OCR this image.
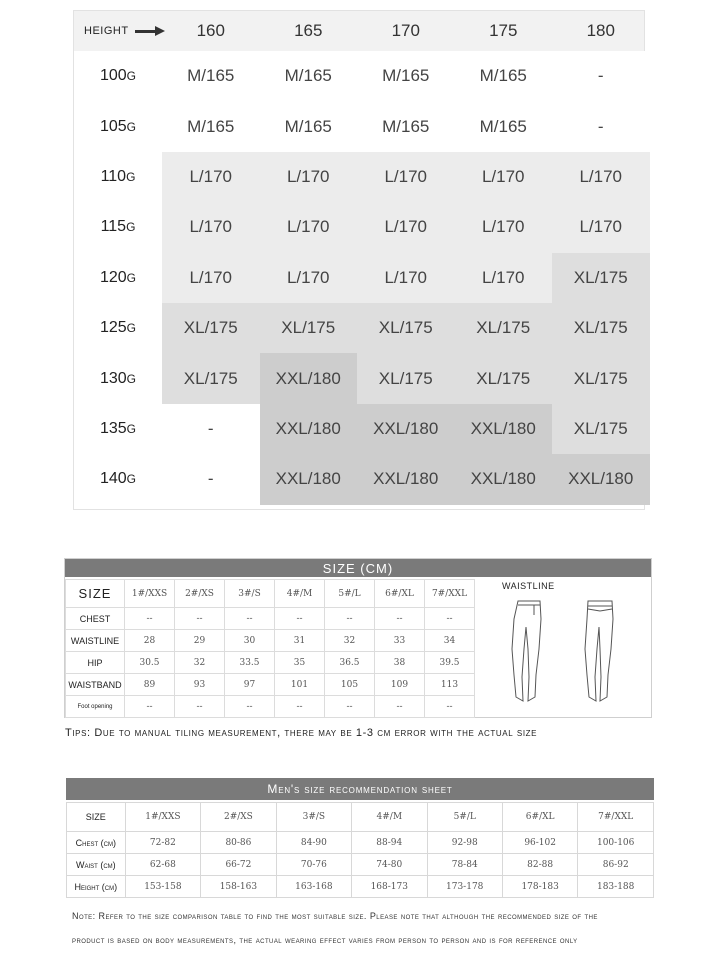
HEIGHT	160	165	170	175	180
100 G	M/165	M/165	M/165	M/165	-
105 G	M/165	M/165	M/165	M/165	-
110 G	L/170	L/170	L/170	L/170	L/170
115 G	L/170	L/170	L/170	L/170	L/170
120 G	L/170	L/170	L/170	L/170	XL/175
125 G	XL/175	XL/175	XL/175	XL/175	XL/175
130 G	XL/175	XXL/180	XL/175	XL/175	XL/175
135 G	-	XXL/180	XXL/180	XXL/180	XL/175
140 G	-	XXL/180	XXL/180	XXL/180	XXL/180
SIZE (CM)
SIZE	1#/XXS	2#/XS	3#/S	4#/M	5#/L	6#/XL	7#/XXL
CHEST	--	--	--	--	--	--	--
WAISTLINE	28	29	30	31	32	33	34
HIP	30.5	32	33.5	35	36.5	38	39.5
WAISTBAND	89	93	97	101	105	109	113
Foot opening	--	--	--	--	--	--	--
WAISTLINE
Tips: Due to manual tiling measurement, there may be 1-3 cm error with the actual size
Men's size recommendation sheet
SIZE	1#/XXS	2#/XS	3#/S	4#/M	5#/L	6#/XL	7#/XXL
Chest (cm)	72-82	80-86	84-90	88-94	92-98	96-102	100-106
Waist (cm)	62-68	66-72	70-76	74-80	78-84	82-88	86-92
Height (cm)	153-158	158-163	163-168	168-173	173-178	178-183	183-188
Note: Refer to the size comparison table to find the most suitable size. Please note that although the recommended size of the
product is based on body measurements, the actual wearing effect varies from person to person and is for reference only
